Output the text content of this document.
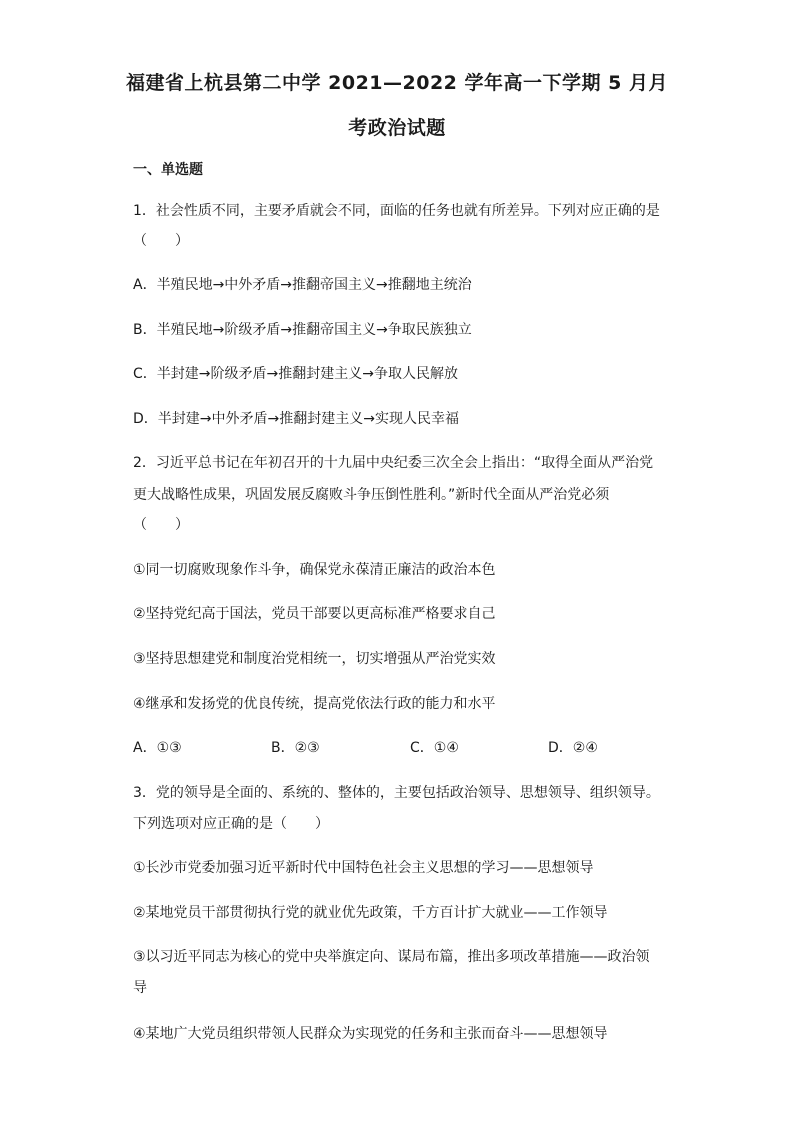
福建省上杭县第二中学 2021—2022 学年高一下学期 5 月月
考政治试题
一、单选题
1．社会性质不同，主要矛盾就会不同，面临的任务也就有所差异。下列对应正确的是
（　　）
A．半殖民地→中外矛盾→推翻帝国主义→推翻地主统治
B．半殖民地→阶级矛盾→推翻帝国主义→争取民族独立
C．半封建→阶级矛盾→推翻封建主义→争取人民解放
D．半封建→中外矛盾→推翻封建主义→实现人民幸福
2．习近平总书记在年初召开的十九届中央纪委三次全会上指出：“取得全面从严治党
更大战略性成果，巩固发展反腐败斗争压倒性胜利。”新时代全面从严治党必须
（　　）
①同一切腐败现象作斗争，确保党永葆清正廉洁的政治本色
②坚持党纪高于国法，党员干部要以更高标准严格要求自己
③坚持思想建党和制度治党相统一，切实增强从严治党实效
④继承和发扬党的优良传统，提高党依法行政的能力和水平
A．①③	B．②③	C．①④	D．②④
3．党的领导是全面的、系统的、整体的，主要包括政治领导、思想领导、组织领导。
下列选项对应正确的是（　　）
①长沙市党委加强习近平新时代中国特色社会主义思想的学习——思想领导
②某地党员干部贯彻执行党的就业优先政策，千方百计扩大就业——工作领导
③以习近平同志为核心的党中央举旗定向、谋局布篇，推出多项改革措施——政治领
导
④某地广大党员组织带领人民群众为实现党的任务和主张而奋斗——思想领导
